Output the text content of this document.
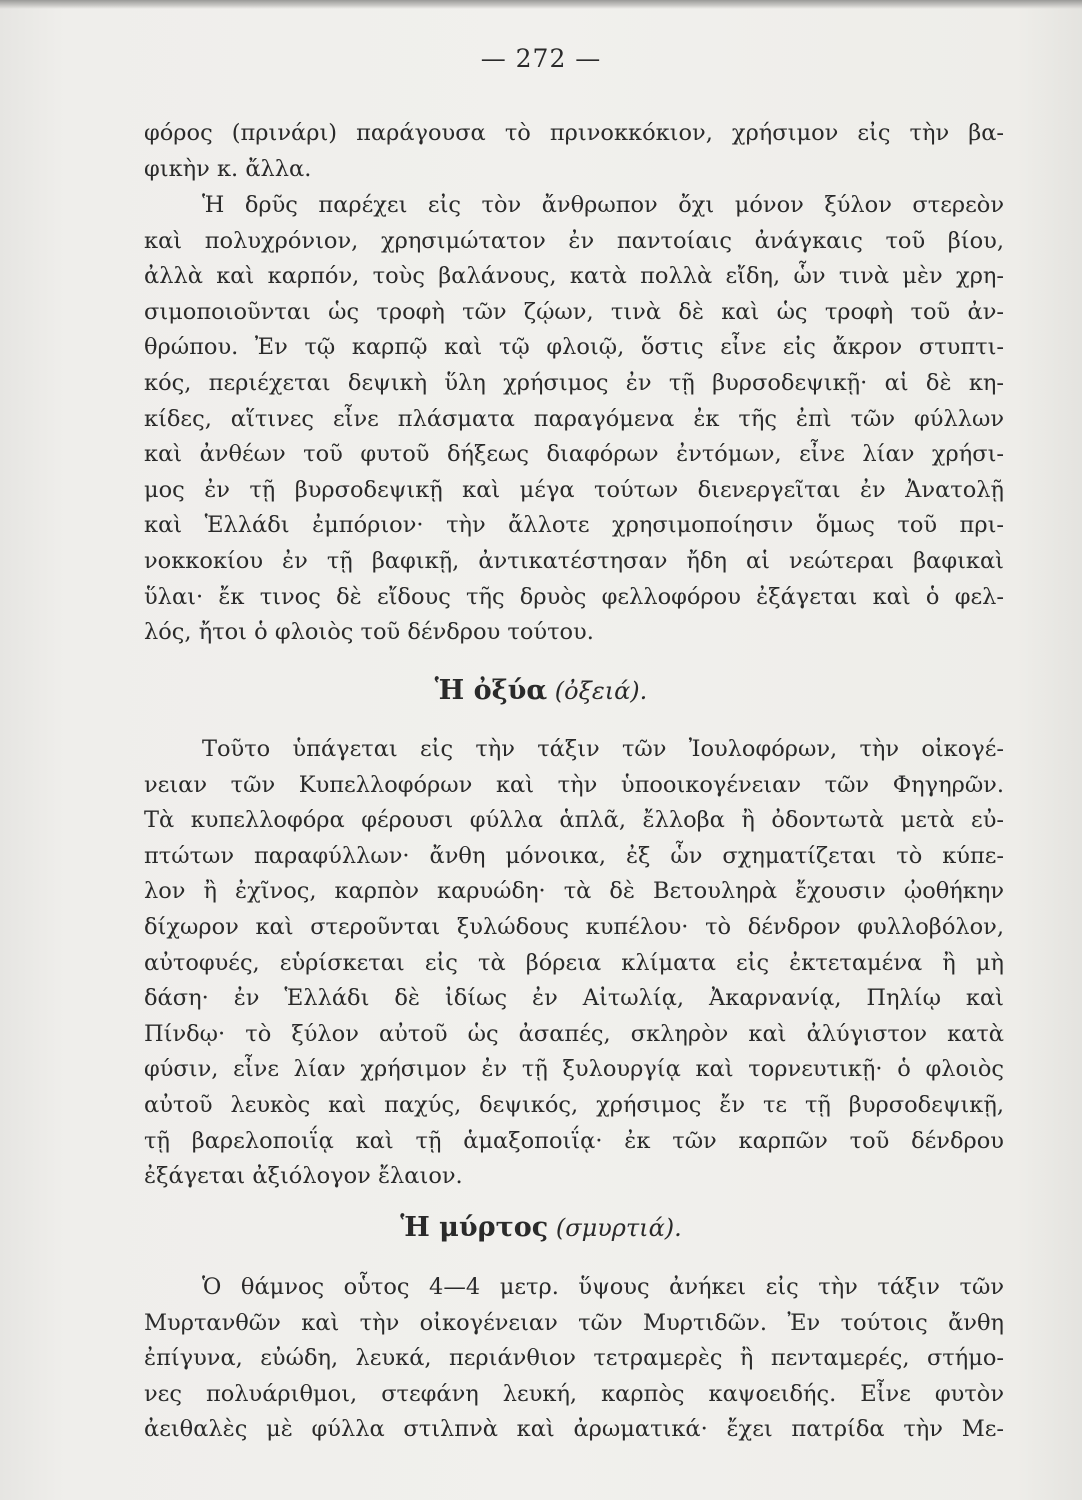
— 272 —
φόρος (πρινάρι) παράγουσα τὸ πρινοκκόκιον, χρήσιμον εἰς τὴν βα-
φικὴν κ. ἄλλα.
Ἡ δρῦς παρέχει εἰς τὸν ἄνθρωπον ὄχι μόνον ξύλον στερεὸν
καὶ πολυχρόνιον, χρησιμώτατον ἐν παντοίαις ἀνάγκαις τοῦ βίου,
ἀλλὰ καὶ καρπόν, τοὺς βαλάνους, κατὰ πολλὰ εἴδη, ὧν τινὰ μὲν χρη-
σιμοποιοῦνται ὡς τροφὴ τῶν ζῴων, τινὰ δὲ καὶ ὡς τροφὴ τοῦ ἀν-
θρώπου. Ἐν τῷ καρπῷ καὶ τῷ φλοιῷ, ὅστις εἶνε εἰς ἄκρον στυπτι-
κός, περιέχεται δεψικὴ ὕλη χρήσιμος ἐν τῇ βυρσοδεψικῇ· αἱ δὲ κη-
κίδες, αἵτινες εἶνε πλάσματα παραγόμενα ἐκ τῆς ἐπὶ τῶν φύλλων
καὶ ἀνθέων τοῦ φυτοῦ δήξεως διαφόρων ἐντόμων, εἶνε λίαν χρήσι-
μος ἐν τῇ βυρσοδεψικῇ καὶ μέγα τούτων διενεργεῖται ἐν Ἀνατολῇ
καὶ Ἑλλάδι ἐμπόριον· τὴν ἄλλοτε χρησιμοποίησιν ὅμως τοῦ πρι-
νοκκοκίου ἐν τῇ βαφικῇ, ἀντικατέστησαν ἤδη αἱ νεώτεραι βαφικαὶ
ὕλαι· ἔκ τινος δὲ εἴδους τῆς δρυὸς φελλοφόρου ἐξάγεται καὶ ὁ φελ-
λός, ἤτοι ὁ φλοιὸς τοῦ δένδρου τούτου.
Ἡ ὀξύα (ὀξειά).
Τοῦτο ὑπάγεται εἰς τὴν τάξιν τῶν Ἰουλοφόρων, τὴν οἰκογέ-
νειαν τῶν Κυπελλοφόρων καὶ τὴν ὑποοικογένειαν τῶν Φηγηρῶν.
Τὰ κυπελλοφόρα φέρουσι φύλλα ἁπλᾶ, ἔλλοβα ἢ ὀδοντωτὰ μετὰ εὐ-
πτώτων παραφύλλων· ἄνθη μόνοικα, ἐξ ὧν σχηματίζεται τὸ κύπε-
λον ἢ ἐχῖνος, καρπὸν καρυώδη· τὰ δὲ Βετουληρὰ ἔχουσιν ᾠοθήκην
δίχωρον καὶ στεροῦνται ξυλώδους κυπέλου· τὸ δένδρον φυλλοβόλον,
αὐτοφυές, εὑρίσκεται εἰς τὰ βόρεια κλίματα εἰς ἐκτεταμένα ἢ μὴ
δάση· ἐν Ἑλλάδι δὲ ἰδίως ἐν Αἰτωλίᾳ, Ἀκαρνανίᾳ, Πηλίῳ καὶ
Πίνδῳ· τὸ ξύλον αὐτοῦ ὡς ἀσαπές, σκληρὸν καὶ ἀλύγιστον κατὰ
φύσιν, εἶνε λίαν χρήσιμον ἐν τῇ ξυλουργίᾳ καὶ τορνευτικῇ· ὁ φλοιὸς
αὐτοῦ λευκὸς καὶ παχύς, δεψικός, χρήσιμος ἔν τε τῇ βυρσοδεψικῇ,
τῇ βαρελοποιΐᾳ καὶ τῇ ἁμαξοποιΐᾳ· ἐκ τῶν καρπῶν τοῦ δένδρου
ἐξάγεται ἀξιόλογον ἔλαιον.
Ἡ μύρτος (σμυρτιά).
Ὁ θάμνος οὗτος 4—4 μετρ. ὕψους ἀνήκει εἰς τὴν τάξιν τῶν
Μυρτανθῶν καὶ τὴν οἰκογένειαν τῶν Μυρτιδῶν. Ἐν τούτοις ἄνθη
ἐπίγυνα, εὐώδη, λευκά, περιάνθιον τετραμερὲς ἢ πενταμερές, στήμο-
νες πολυάριθμοι, στεφάνη λευκή, καρπὸς καψοειδής. Εἶνε φυτὸν
ἀειθαλὲς μὲ φύλλα στιλπνὰ καὶ ἀρωματικά· ἔχει πατρίδα τὴν Με-
